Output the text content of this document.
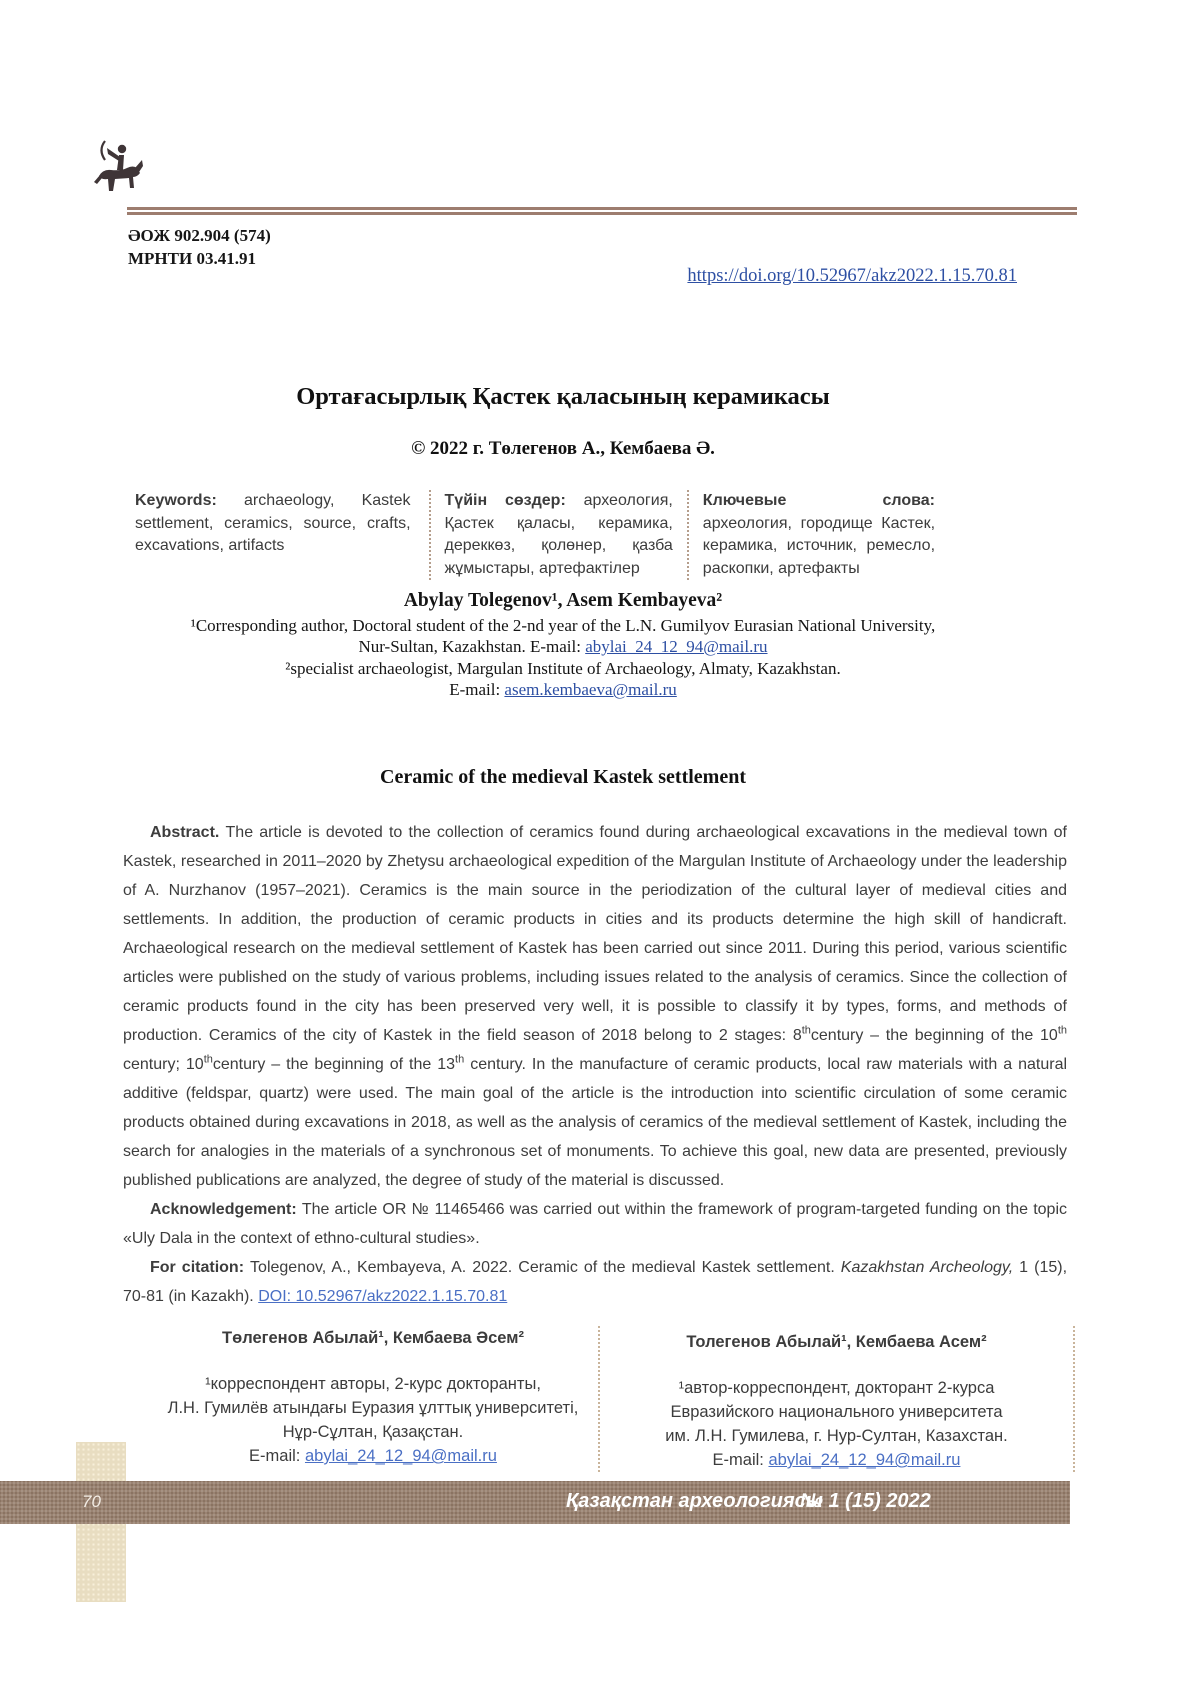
ӘОЖ 902.904 (574)
МРНТИ 03.41.91
https://doi.org/10.52967/akz2022.1.15.70.81
Ортағасырлық Қастек қаласының керамикасы
© 2022 г. Төлегенов А., Кембаева Ә.
Keywords: archaeology, Kastek settlement, ceramics, source, crafts, excavations, artifacts
Түйін сөздер: археология, Қастек қаласы, керамика, дереккөз, қолөнер, қазба жұмыстары, артефактілер
Ключевые слова: археология, городище Кастек, керамика, источник, ремесло, раскопки, артефакты
Abylay Tolegenov¹, Asem Kembayeva²
¹Corresponding author, Doctoral student of the 2-nd year of the L.N. Gumilyov Eurasian National University,
Nur-Sultan, Kazakhstan. E-mail: abylai_24_12_94@mail.ru
²specialist archaeologist, Margulan Institute of Archaeology, Almaty, Kazakhstan.
E-mail: asem.kembaeva@mail.ru
Ceramic of the medieval Kastek settlement

Abstract. The article is devoted to the collection of ceramics found during archaeological excavations in the medieval town of Kastek, researched in 2011–2020 by Zhetysu archaeological expedition of the Margulan Institute of Archaeology under the leadership of A. Nurzhanov (1957–2021). Ceramics is the main source in the periodization of the cultural layer of medieval cities and settlements. In addition, the production of ceramic products in cities and its products determine the high skill of handicraft. Archaeological research on the medieval settlement of Kastek has been carried out since 2011. During this period, various scientific articles were published on the study of various problems, including issues related to the analysis of ceramics. Since the collection of ceramic products found in the city has been preserved very well, it is possible to classify it by types, forms, and methods of production. Ceramics of the city of Kastek in the field season of 2018 belong to 2 stages: 8thcentury – the beginning of the 10th century; 10thcentury – the beginning of the 13th century. In the manufacture of ceramic products, local raw materials with a natural additive (feldspar, quartz) were used. The main goal of the article is the introduction into scientific circulation of some ceramic products obtained during excavations in 2018, as well as the analysis of ceramics of the medieval settlement of Kastek, including the search for analogies in the materials of a synchronous set of monuments. To achieve this goal, new data are presented, previously published publications are analyzed, the degree of study of the material is discussed.

Acknowledgement: The article OR № 11465466 was carried out within the framework of program-targeted funding on the topic «Uly Dala in the context of ethno-cultural studies».

For citation: Tolegenov, A., Kembayeva, A. 2022. Ceramic of the medieval Kastek settlement. Kazakhstan Archeology, 1 (15), 70-81 (in Kazakh). DOI: 10.52967/akz2022.1.15.70.81

Төлегенов Абылай¹, Кембаева Әсем²
¹корреспондент авторы, 2-курс докторанты,
Л.Н. Гумилёв атындағы Еуразия ұлттық университеті,
Нұр-Сұлтан, Қазақстан.
E-mail: abylai_24_12_94@mail.ru
Толегенов Абылай¹, Кембаева Асем²
¹автор-корреспондент, докторант 2-курса
Евразийского национального университета
им. Л.Н. Гумилева, г. Нур-Султан, Казахстан.
E-mail: abylai_24_12_94@mail.ru
70	Қазақстан археологиясы
№ 1 (15) 2022
